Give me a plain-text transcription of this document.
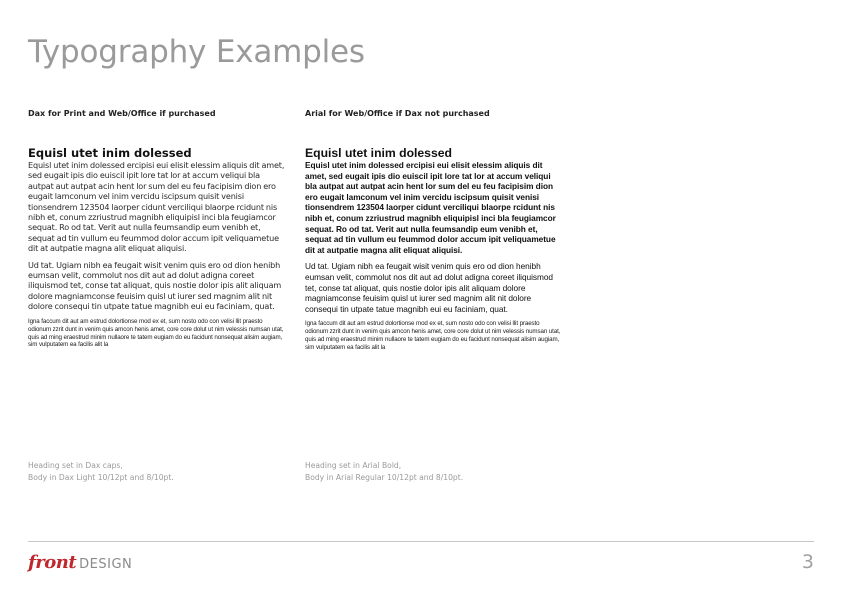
Typography Examples

Dax for Print and Web/Office if purchased

Equisl utet inim dolessed

Equisl utet inim dolessed ercipisi eui elisit elessim aliquis dit amet, sed eugait ipis dio euiscil ipit lore tat lor at accum veliqui bla autpat aut autpat acin hent lor sum del eu feu facipisim dion ero eugait lamconum vel inim vercidu iscipsum quisit venisi tionsendrem 123504 laorper cidunt verciliqui blaorpe rcidunt nis nibh et, conum zzriustrud magnibh eliquipisl inci bla feugiamcor sequat. Ro od tat. Verit aut nulla feumsandip eum venibh et, sequat ad tin vullum eu feummod dolor accum ipit veliquametue dit at autpatie magna alit eliquat aliquisi.

Ud tat. Ugiam nibh ea feugait wisit venim quis ero od dion henibh eumsan velit, commolut nos dit aut ad dolut adigna coreet iliquismod tet, conse tat aliquat, quis nostie dolor ipis alit aliquam dolore magniamconse feuisim quisl ut iurer sed magnim alit nit dolore consequi tin utpate tatue magnibh eui eu faciniam, quat.

Igna faccum dit aut am estrud dolortionse mod ex et, sum nosto odo con velisi llit praesto odionum zzrit dunt in venim quis amcon henis amet, core core dolut ut nim velessis numsan utat, quis ad ming eraestrud minim nullaore te tatem eugiam do eu facidunt nonsequat alisim augiam, sim vulputatem ea facilis alit la

Arial for Web/Office if Dax not purchased

Equisl utet inim dolessed

Equisl utet inim dolessed ercipisi eui elisit elessim aliquis dit amet, sed eugait ipis dio euiscil ipit lore tat lor at accum veliqui bla autpat aut autpat acin hent lor sum del eu feu facipisim dion ero eugait lamconum vel inim vercidu iscipsum quisit venisi tionsendrem 123504 laorper cidunt verciliqui blaorpe rcidunt nis nibh et, conum zzriustrud magnibh eliquipisl inci bla feugiamcor sequat. Ro od tat. Verit aut nulla feumsandip eum venibh et, sequat ad tin vullum eu feummod dolor accum ipit veliquametue dit at autpatie magna alit eliquat aliquisi.

Ud tat. Ugiam nibh ea feugait wisit venim quis ero od dion henibh eumsan velit, commolut nos dit aut ad dolut adigna coreet iliquismod tet, conse tat aliquat, quis nostie dolor ipis alit aliquam dolore magniamconse feuisim quisl ut iurer sed magnim alit nit dolore consequi tin utpate tatue magnibh eui eu faciniam, quat.

Igna faccum dit aut am estrud dolortionse mod ex et, sum nosto odo con velisi llit praesto odionum zzrit dunt in venim quis amcon henis amet, core core dolut ut nim velessis numsan utat, quis ad ming eraestrud minim nullaore te tatem eugiam do eu facidunt nonsequat alisim augiam, sim vulputatem ea facilis alit la

Heading set in Dax caps,
Body in Dax Light 10/12pt and 8/10pt.
Heading set in Arial Bold,
Body in Arial Regular 10/12pt and 8/10pt.
front DESIGN	3
